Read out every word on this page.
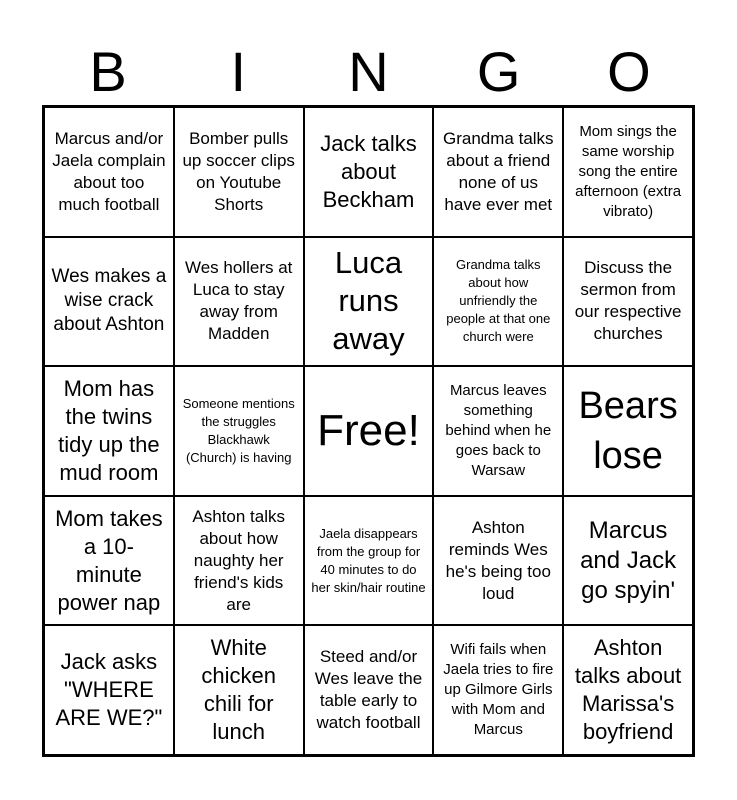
B	I	N	G	O
Marcus and/or Jaela complain about too much football
Bomber pulls up soccer clips on Youtube Shorts
Jack talks about Beckham
Grandma talks about a friend none of us have ever met
Mom sings the same worship song the entire afternoon (extra vibrato)
Wes makes a wise crack about Ashton
Wes hollers at Luca to stay away from Madden
Luca runs away
Grandma talks about how unfriendly the people at that one church were
Discuss the sermon from our respective churches
Mom has the twins tidy up the mud room
Someone mentions the struggles Blackhawk (Church) is having
Free!
Marcus leaves something behind when he goes back to Warsaw
Bears lose
Mom takes a 10-minute power nap
Ashton talks about how naughty her friend's kids are
Jaela disappears from the group for 40 minutes to do her skin/hair routine
Ashton reminds Wes he's being too loud
Marcus and Jack go spyin'
Jack asks "WHERE ARE WE?"
White chicken chili for lunch
Steed and/or Wes leave the table early to watch football
Wifi fails when Jaela tries to fire up Gilmore Girls with Mom and Marcus
Ashton talks about Marissa's boyfriend
